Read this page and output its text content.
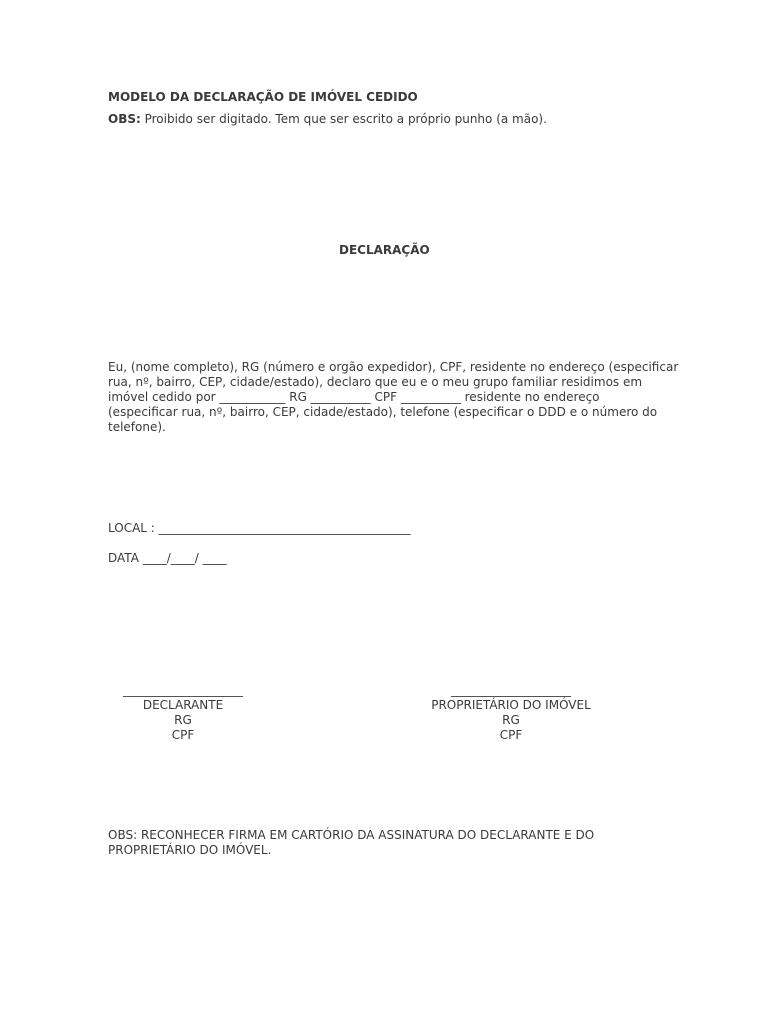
MODELO DA DECLARAÇÃO DE IMÓVEL CEDIDO

OBS: Proibido ser digitado. Tem que ser escrito a próprio punho (a mão).

DECLARAÇÃO

Eu, (nome completo), RG (número e orgão expedidor), CPF, residente no endereço (especificar
rua, nº, bairro, CEP, cidade/estado), declaro que eu e o meu grupo familiar residimos em
imóvel cedido por ___________ RG __________ CPF __________ residente no endereço
(especificar rua, nº, bairro, CEP, cidade/estado), telefone (especificar o DDD e o número do
telefone).

LOCAL : __________________________________________

DATA ____/____/ ____

____________________
DECLARANTE
RG
CPF
____________________
PROPRIETÁRIO DO IMÓVEL
RG
CPF
OBS: RECONHECER FIRMA EM CARTÓRIO DA ASSINATURA DO DECLARANTE E DO
PROPRIETÁRIO DO IMÓVEL.
